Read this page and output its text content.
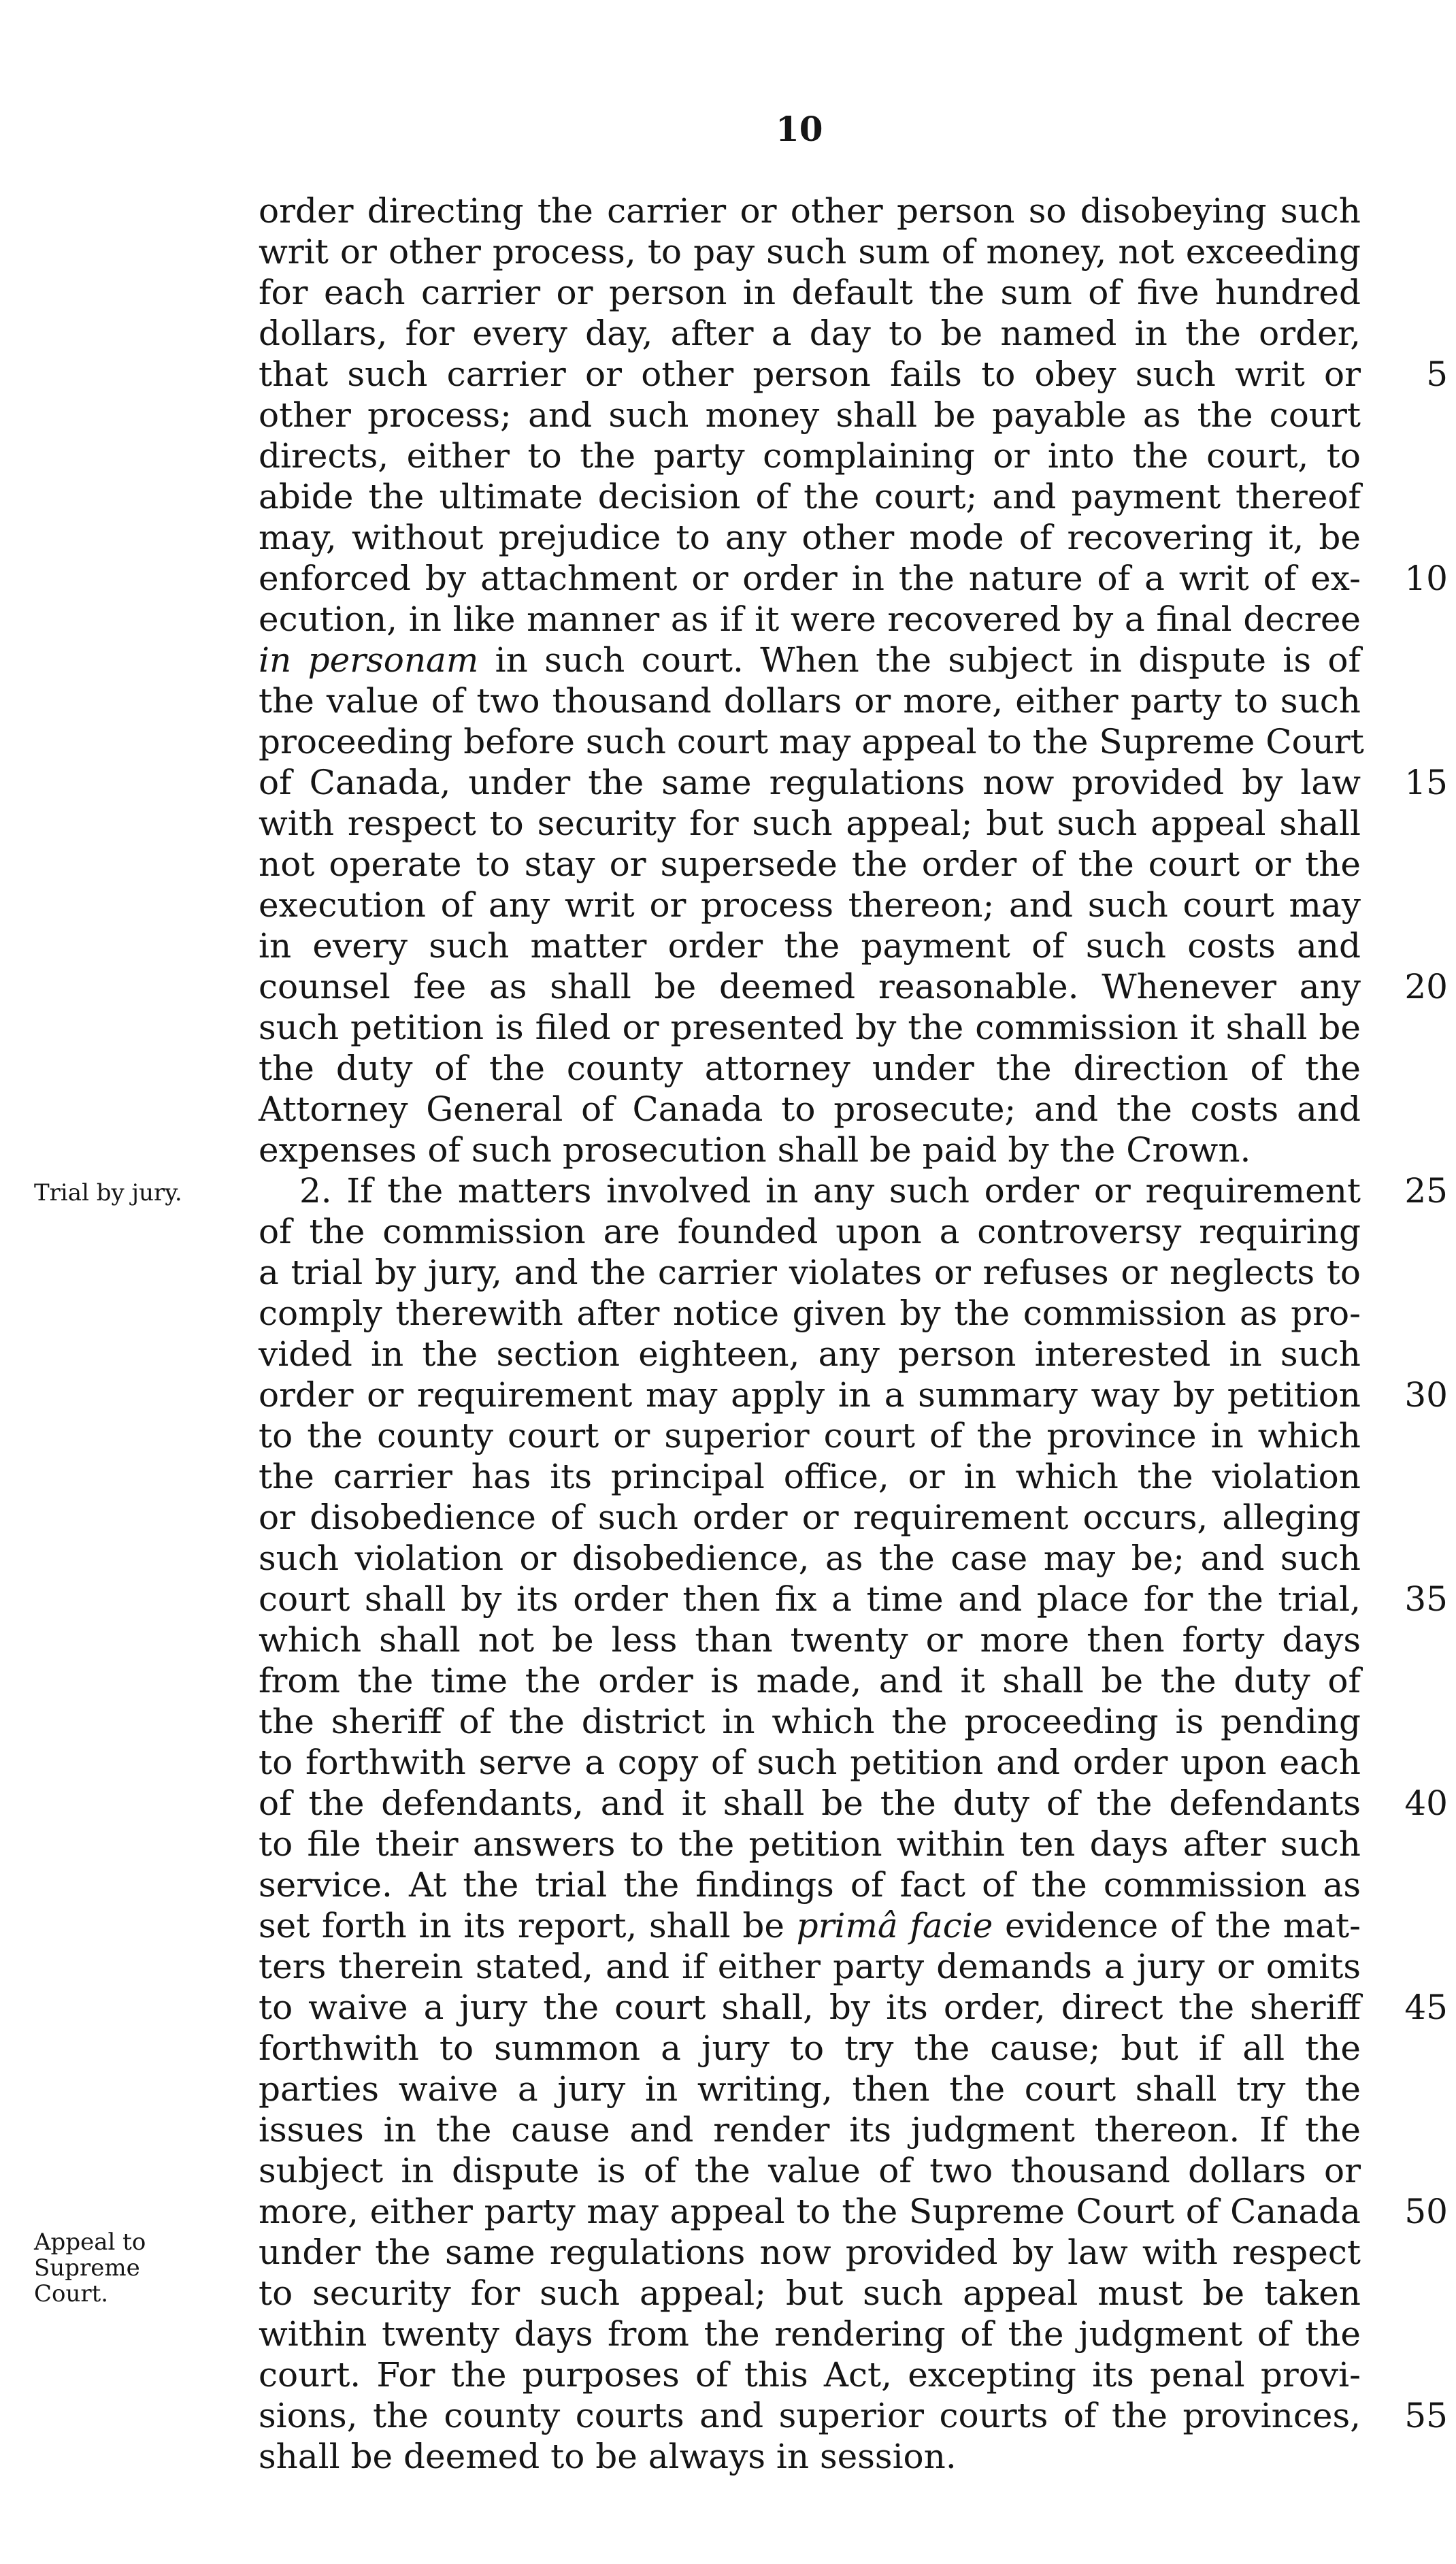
10
Trial by jury.
Appeal to
Supreme
Court.
order directing the carrier or other person so disobeying such
writ or other process, to pay such sum of money, not exceeding
for each carrier or person in default the sum of five hundred
dollars, for every day, after a day to be named in the order,
that such carrier or other person fails to obey such writ or
other process; and such money shall be payable as the court
directs, either to the party complaining or into the court, to
abide the ultimate decision of the court; and payment thereof
may, without prejudice to any other mode of recovering it, be
enforced by attachment or order in the nature of a writ of ex-
ecution, in like manner as if it were recovered by a final decree
in personam in such court. When the subject in dispute is of
the value of two thousand dollars or more, either party to such
proceeding before such court may appeal to the Supreme Court
of Canada, under the same regulations now provided by law
with respect to security for such appeal; but such appeal shall
not operate to stay or supersede the order of the court or the
execution of any writ or process thereon; and such court may
in every such matter order the payment of such costs and
counsel fee as shall be deemed reasonable. Whenever any
such petition is filed or presented by the commission it shall be
the duty of the county attorney under the direction of the
Attorney General of Canada to prosecute; and the costs and
expenses of such prosecution shall be paid by the Crown.
2. If the matters involved in any such order or requirement
of the commission are founded upon a controversy requiring
a trial by jury, and the carrier violates or refuses or neglects to
comply therewith after notice given by the commission as pro-
vided in the section eighteen, any person interested in such
order or requirement may apply in a summary way by petition
to the county court or superior court of the province in which
the carrier has its principal office, or in which the violation
or disobedience of such order or requirement occurs, alleging
such violation or disobedience, as the case may be; and such
court shall by its order then fix a time and place for the trial,
which shall not be less than twenty or more then forty days
from the time the order is made, and it shall be the duty of
the sheriff of the district in which the proceeding is pending
to forthwith serve a copy of such petition and order upon each
of the defendants, and it shall be the duty of the defendants
to file their answers to the petition within ten days after such
service. At the trial the findings of fact of the commission as
set forth in its report, shall be primâ facie evidence of the mat-
ters therein stated, and if either party demands a jury or omits
to waive a jury the court shall, by its order, direct the sheriff
forthwith to summon a jury to try the cause; but if all the
parties waive a jury in writing, then the court shall try the
issues in the cause and render its judgment thereon. If the
subject in dispute is of the value of two thousand dollars or
more, either party may appeal to the Supreme Court of Canada
under the same regulations now provided by law with respect
to security for such appeal; but such appeal must be taken
within twenty days from the rendering of the judgment of the
court. For the purposes of this Act, excepting its penal provi-
sions, the county courts and superior courts of the provinces,
shall be deemed to be always in session.
5
10
15
20
25
30
35
40
45
50
55
